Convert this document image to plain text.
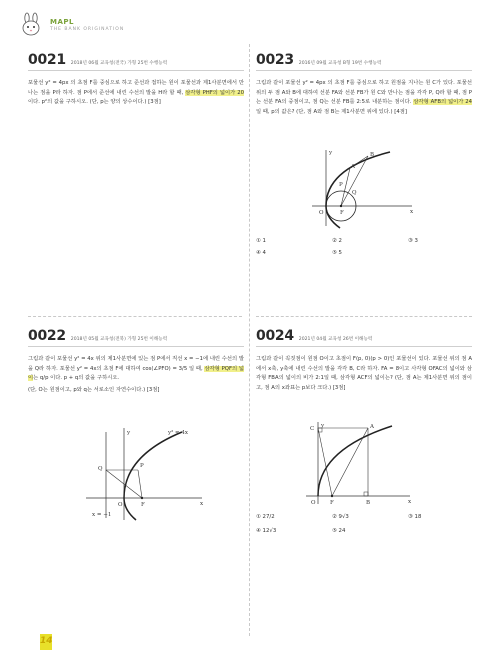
MAPL
THE BANK ORIGINATION
0021 2018년 06월 교육청(전국) 가형 25번 수행능력
포물선 y² = 4px 의 초점 F를 중심으로 하고 준선과 접하는 원이 포물선과 제1사분면에서 만나는 점을 P라 하자. 점 P에서 준선에 내린 수선의 발을 H라 할 때, 삼각형 PHF의 넓이가 20이다. p²의 값을 구하시오. (단, p는 양의 상수이다.) [3점]
0023 2016년 09월 교육청 B형 19번 수행능력
그림과 같이 포물선 y² = 4px 의 초점 F를 중심으로 하고 원점을 지나는 원 C가 있다. 포물선 위의 두 점 A와 B에 대하여 선분 FA와 선분 FB가 원 C와 만나는 점을 각각 P, Q라 할 때, 점 P는 선분 FA의 중점이고, 점 Q는 선분 FB를 2:5로 내분하는 점이다. 삼각형 AFB의 넓이가 24일 때, p의 값은? (단, 점 A와 점 B는 제1사분면 위에 있다.) [4점]
A
B
P
Q
O	F	x
y
① 1	② 2	③ 3
④ 4	⑤ 5
0022 2018년 05월 교육청(전북) 가형 25번 이해능력
그림과 같이 포물선 y² = 4x 위의 제1사분면에 있는 점 P에서 직선 x = −1에 내린 수선의 발을 Q라 하자. 포물선 y² = 4x의 초점 F에 대하여 cos(∠PFO) = 3/5 일 때, 삼각형 PQF의 넓이는 q/p 이다. p + q의 값을 구하시오.
(단, O는 원점이고, p와 q는 서로소인 자연수이다.) [3점]
y² = 4x
Q	P
O	F	x
y
x = −1
0024 2021년 04월 교육청 26번 이해능력
그림과 같이 꼭짓점이 원점 O이고 초점이 F(p, 0)(p > 0)인 포물선이 있다. 포물선 위의 점 A에서 x축, y축에 내린 수선의 발을 각각 B, C라 하자. FA = 8이고 사각형 OFAC의 넓이와 삼각형 FBA의 넓이의 비가 2:1일 때, 삼각형 ACF의 넓이는? (단, 점 A는 제1사분면 위의 점이고, 점 A의 x좌표는 p보다 크다.) [3점]
C	A
O	F	B	x
y
① 27/2	② 9√3	③ 18
④ 12√3	⑤ 24
14
